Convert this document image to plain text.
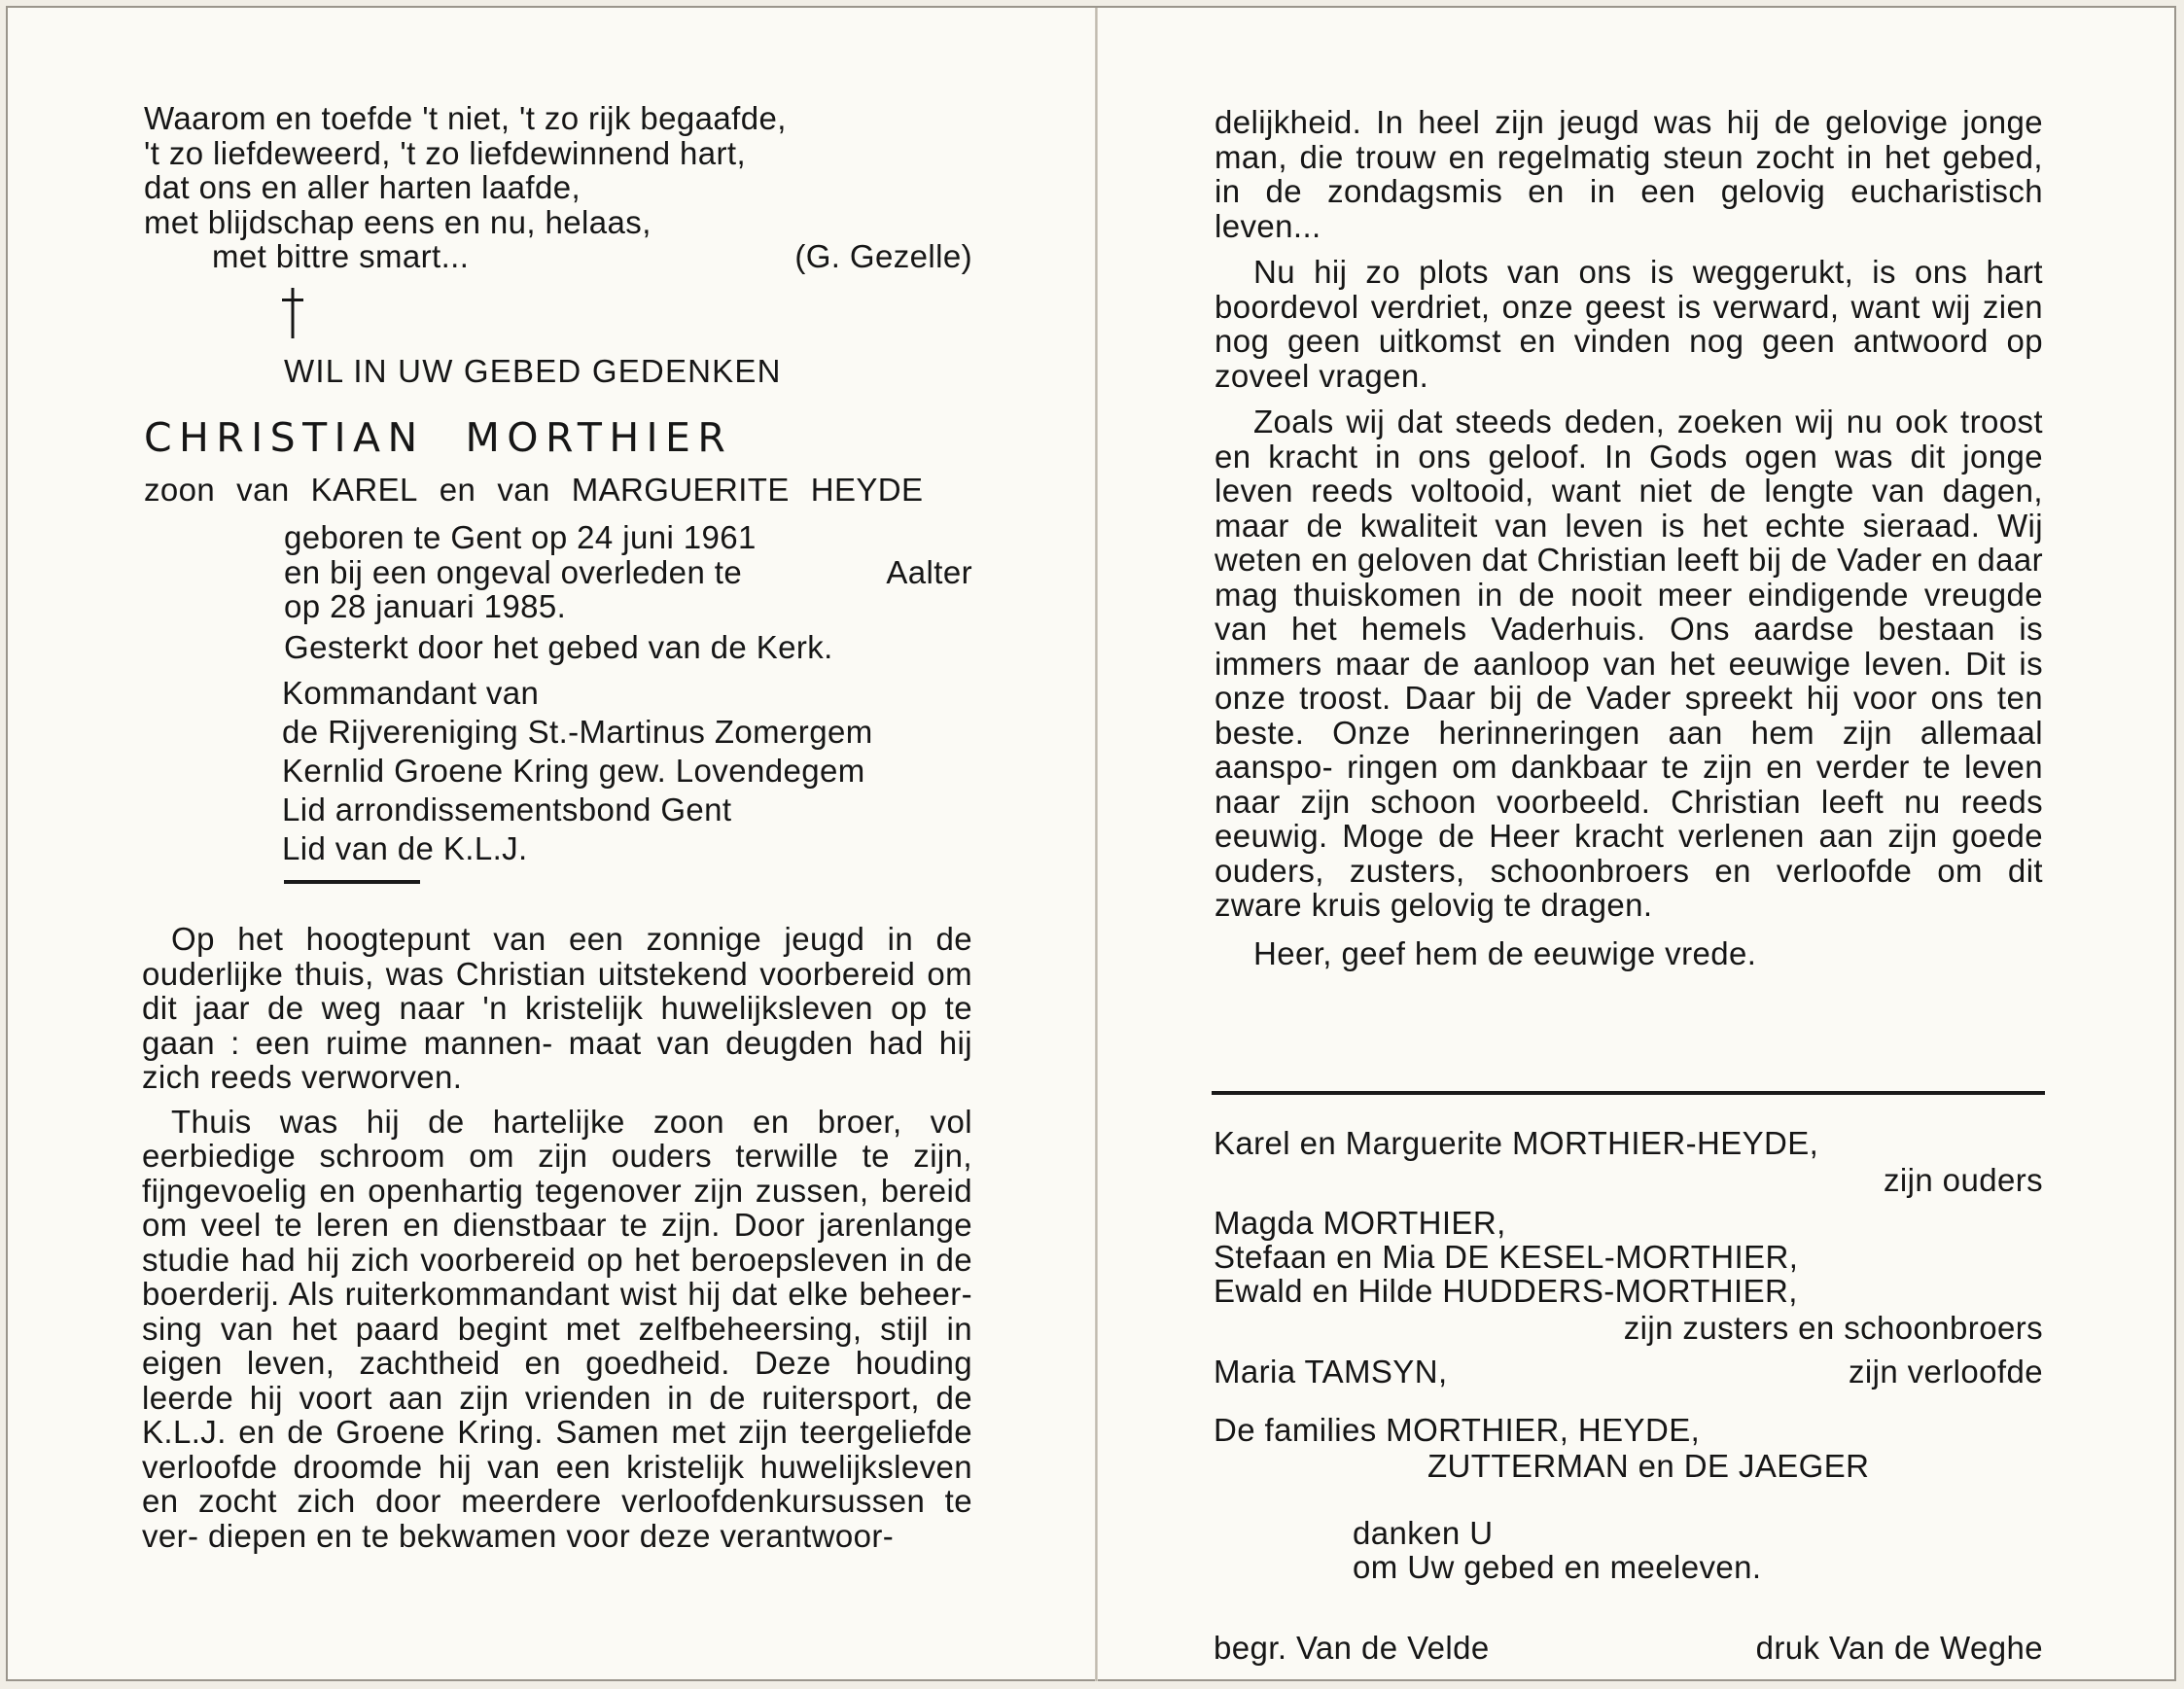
Waarom en toefde 't niet, 't zo rijk begaafde,
't zo liefdeweerd, 't zo liefdewinnend hart,
dat ons en aller harten laafde,
met blijdschap eens en nu, helaas,
met bittre smart...	(G. Gezelle)
WIL IN UW GEBED GEDENKEN
CHRISTIAN MORTHIER
zoon van KAREL en van MARGUERITE HEYDE
geboren te Gent op 24 juni 1961
en bij een ongeval overleden te	Aalter
op 28 januari 1985.
Gesterkt door het gebed van de Kerk.
Kommandant van
de Rijvereniging St.-Martinus Zomergem
Kernlid Groene Kring gew. Lovendegem
Lid arrondissementsbond Gent
Lid van de K.L.J.

Op het hoogtepunt van een zonnige jeugd in de ouderlijke thuis, was Christian uitstekend voorbereid om dit jaar de weg naar 'n kristelijk huwelijksleven op te gaan : een ruime mannen- maat van deugden had hij zich reeds verworven.

Thuis was hij de hartelijke zoon en broer, vol eerbiedige schroom om zijn ouders terwille te zijn, fijngevoelig en openhartig tegenover zijn zussen, bereid om veel te leren en dienstbaar te zijn. Door jarenlange studie had hij zich voorbereid op het beroepsleven in de boerderij. Als ruiterkommandant wist hij dat elke beheer- sing van het paard begint met zelfbeheersing, stijl in eigen leven, zachtheid en goedheid. Deze houding leerde hij voort aan zijn vrienden in de ruitersport, de K.L.J. en de Groene Kring. Samen met zijn teergeliefde verloofde droomde hij van een kristelijk huwelijksleven en zocht zich door meerdere verloofdenkursussen te ver- diepen en te bekwamen voor deze verantwoor-

delijkheid. In heel zijn jeugd was hij de gelovige jonge man, die trouw en regelmatig steun zocht in het gebed, in de zondagsmis en in een gelovig eucharistisch leven...

Nu hij zo plots van ons is weggerukt, is ons hart boordevol verdriet, onze geest is verward, want wij zien nog geen uitkomst en vinden nog geen antwoord op zoveel vragen.

Zoals wij dat steeds deden, zoeken wij nu ook troost en kracht in ons geloof. In Gods ogen was dit jonge leven reeds voltooid, want niet de lengte van dagen, maar de kwaliteit van leven is het echte sieraad. Wij weten en geloven dat Christian leeft bij de Vader en daar mag thuiskomen in de nooit meer eindigende vreugde van het hemels Vaderhuis. Ons aardse bestaan is immers maar de aanloop van het eeuwige leven. Dit is onze troost. Daar bij de Vader spreekt hij voor ons ten beste. Onze herinneringen aan hem zijn allemaal aanspo- ringen om dankbaar te zijn en verder te leven naar zijn schoon voorbeeld. Christian leeft nu reeds eeuwig. Moge de Heer kracht verlenen aan zijn goede ouders, zusters, schoonbroers en verloofde om dit zware kruis gelovig te dragen.

Heer, geef hem de eeuwige vrede.

Karel en Marguerite MORTHIER-HEYDE,
zijn ouders
Magda MORTHIER,
Stefaan en Mia DE KESEL-MORTHIER,
Ewald en Hilde HUDDERS-MORTHIER,
zijn zusters en schoonbroers
Maria TAMSYN,	zijn verloofde
De families MORTHIER, HEYDE,
ZUTTERMAN en DE JAEGER
danken U
om Uw gebed en meeleven.
begr. Van de Velde	druk Van de Weghe
